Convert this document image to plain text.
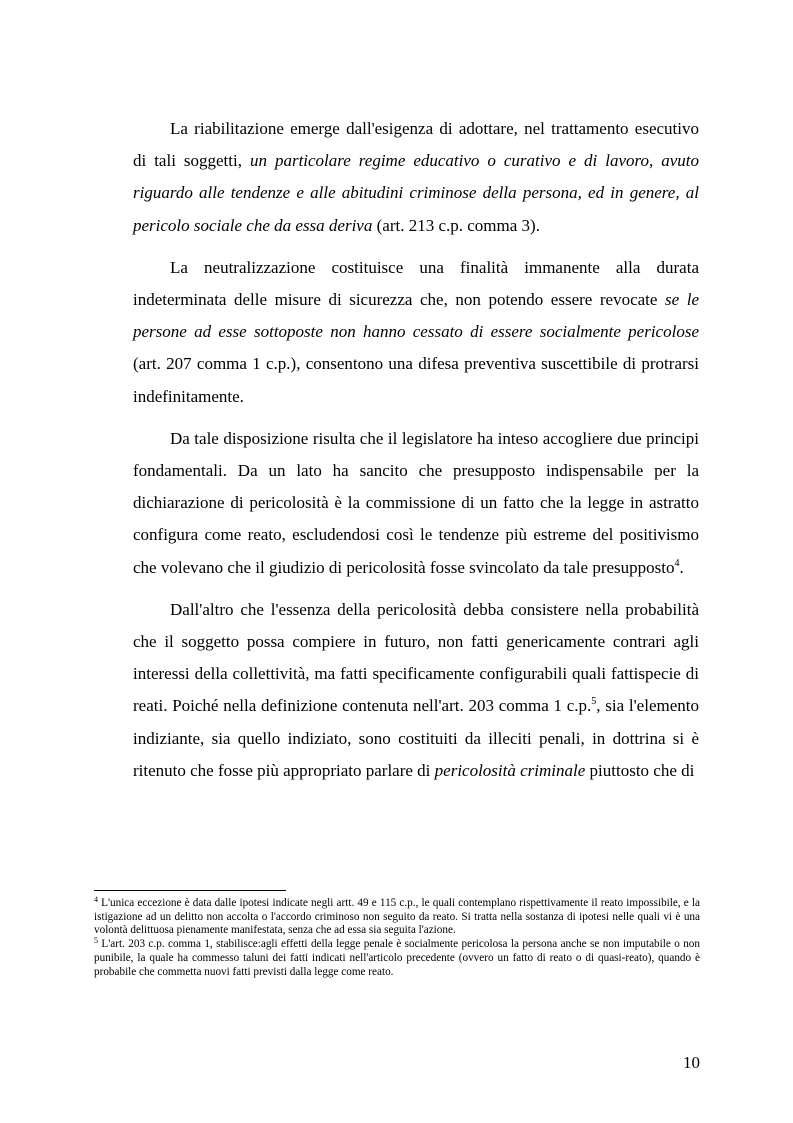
La riabilitazione emerge dall'esigenza di adottare, nel trattamento esecutivo di tali soggetti, un particolare regime educativo o curativo e di lavoro, avuto riguardo alle tendenze e alle abitudini criminose della persona, ed in genere, al pericolo sociale che da essa deriva (art. 213 c.p. comma 3).

La neutralizzazione costituisce una finalità immanente alla durata indeterminata delle misure di sicurezza che, non potendo essere revocate se le persone ad esse sottoposte non hanno cessato di essere socialmente pericolose (art. 207 comma 1 c.p.), consentono una difesa preventiva suscettibile di protrarsi indefinitamente.

Da tale disposizione risulta che il legislatore ha inteso accogliere due principi fondamentali. Da un lato ha sancito che presupposto indispensabile per la dichiarazione di pericolosità è la commissione di un fatto che la legge in astratto configura come reato, escludendosi così le tendenze più estreme del positivismo che volevano che il giudizio di pericolosità fosse svincolato da tale presupposto$^4$.

Dall'altro che l'essenza della pericolosità debba consistere nella probabilità che il soggetto possa compiere in futuro, non fatti genericamente contrari agli interessi della collettività, ma fatti specificamente configurabili quali fattispecie di reati. Poiché nella definizione contenuta nell'art. 203 comma 1 c.p.$^5$, sia l'elemento indiziante, sia quello indiziato, sono costituiti da illeciti penali, in dottrina si è ritenuto che fosse più appropriato parlare di pericolosità criminale piuttosto che di

$^4$ L'unica eccezione è data dalle ipotesi indicate negli artt. 49 e 115 c.p., le quali contemplano rispettivamente il reato impossibile, e la istigazione ad un delitto non accolta o l'accordo criminoso non seguito da reato. Si tratta nella sostanza di ipotesi nelle quali vi è una volontà delittuosa pienamente manifestata, senza che ad essa sia seguita l'azione.

$^5$ L'art. 203 c.p. comma 1, stabilisce:agli effetti della legge penale è socialmente pericolosa la persona anche se non imputabile o non punibile, la quale ha commesso taluni dei fatti indicati nell'articolo precedente (ovvero un fatto di reato o di quasi-reato), quando è probabile che commetta nuovi fatti previsti dalla legge come reato.

10
